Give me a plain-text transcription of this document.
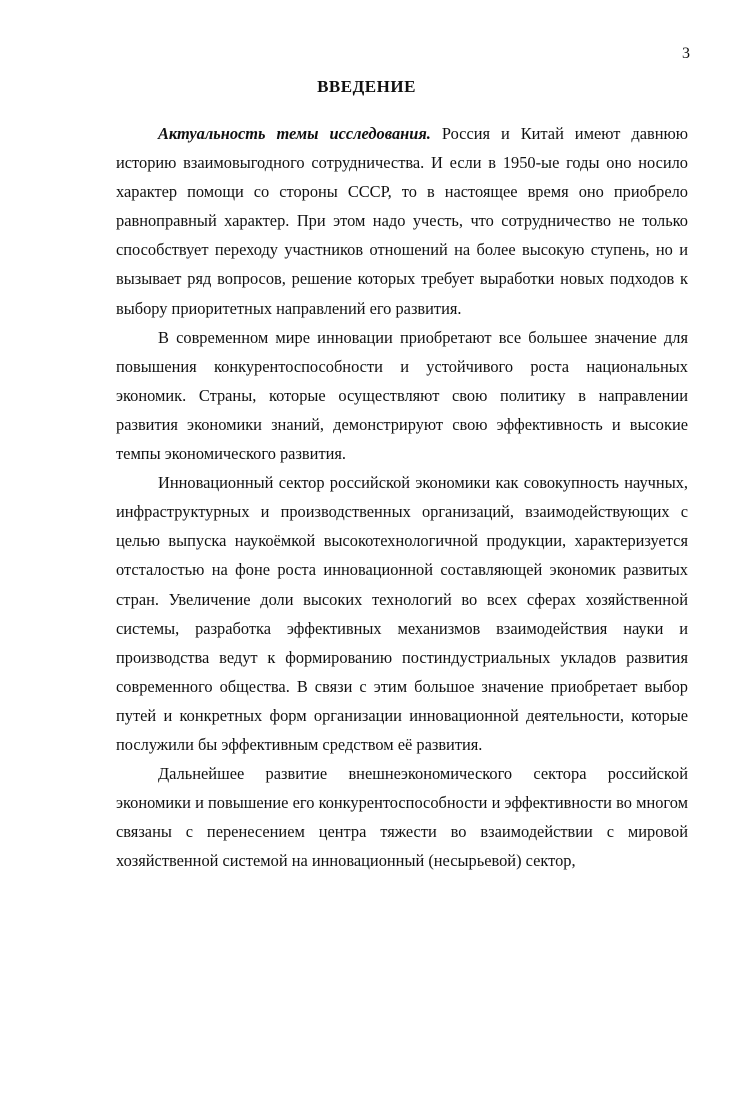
3
ВВЕДЕНИЕ

Актуальность темы исследования. Россия и Китай имеют давнюю историю взаимовыгодного сотрудничества. И если в 1950-ые годы оно носило характер помощи со стороны СССР, то в настоящее время оно приобрело равноправный характер. При этом надо учесть, что сотрудничество не только способствует переходу участников отношений на более высокую ступень, но и вызывает ряд вопросов, решение которых требует выработки новых подходов к выбору приоритетных направлений его развития.

В современном мире инновации приобретают все большее значение для повышения конкурентоспособности и устойчивого роста национальных экономик. Страны, которые осуществляют свою политику в направлении развития экономики знаний, демонстрируют свою эффективность и высокие темпы экономического развития.

Инновационный сектор российской экономики как совокупность научных, инфраструктурных и производственных организаций, взаимодействующих с целью выпуска наукоёмкой высокотехнологичной продукции, характеризуется отсталостью на фоне роста инновационной составляющей экономик развитых стран. Увеличение доли высоких технологий во всех сферах хозяйственной системы, разработка эффективных механизмов взаимодействия науки и производства ведут к формированию постиндустриальных укладов развития современного общества. В связи с этим большое значение приобретает выбор путей и конкретных форм организации инновационной деятельности, которые послужили бы эффективным средством её развития.

Дальнейшее развитие внешнеэкономического сектора российской экономики и повышение его конкурентоспособности и эффективности во многом связаны с перенесением центра тяжести во взаимодействии с мировой хозяйственной системой на инновационный (несырьевой) сектор,
